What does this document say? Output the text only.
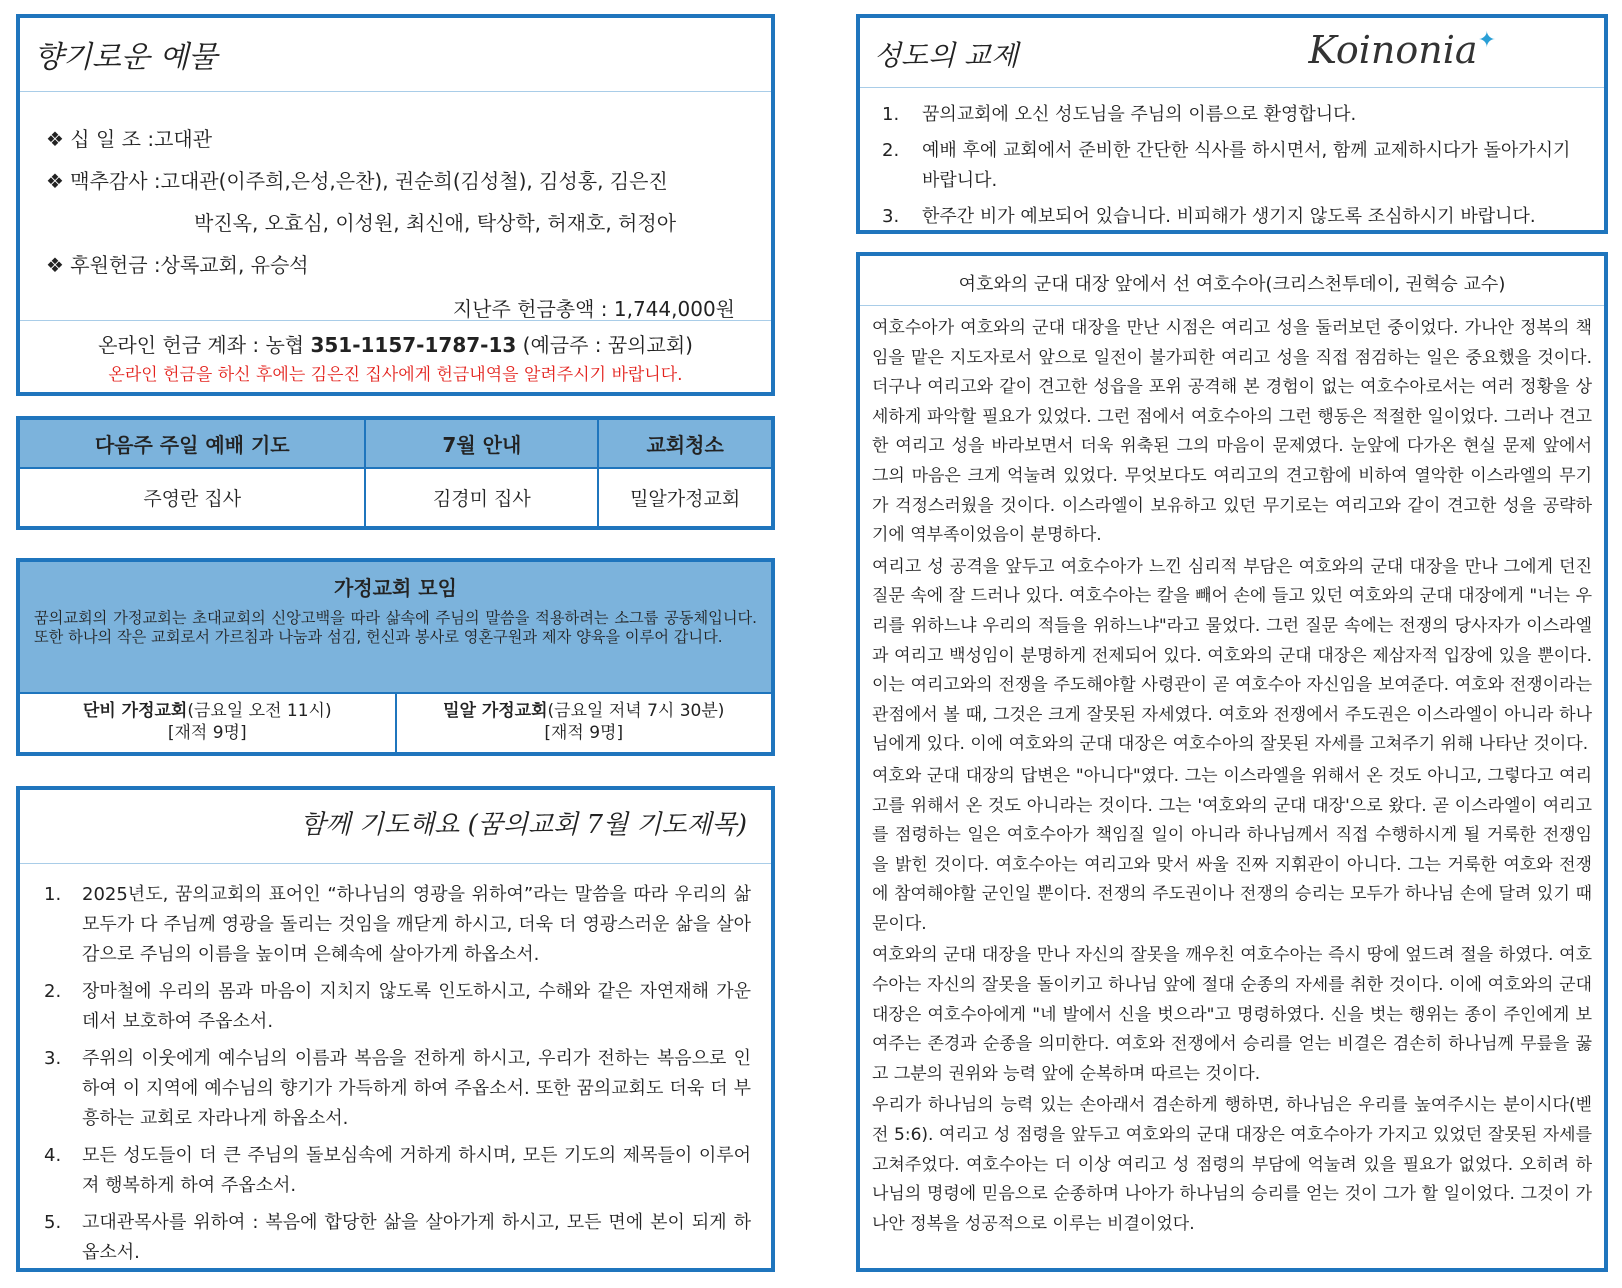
향기로운 예물
❖ 십 일 조 : 고대관
❖ 맥추감사 : 고대관(이주희,은성,은찬), 권순희(김성철), 김성홍, 김은진
박진옥, 오효심, 이성원, 최신애, 탁상학, 허재호, 허정아
❖ 후원헌금 : 상록교회, 유승석
지난주 헌금총액 : 1,744,000원
온라인 헌금 계좌 : 농협 351-1157-1787-13 (예금주 : 꿈의교회)
온라인 헌금을 하신 후에는 김은진 집사에게 헌금내역을 알려주시기 바랍니다.
다음주 주일 예배 기도	7월 안내	교회청소
주영란 집사	김경미 집사	밀알가정교회
가정교회 모임
꿈의교회의 가정교회는 초대교회의 신앙고백을 따라 삶속에 주님의 말씀을 적용하려는 소그룹 공동체입니다. 또한 하나의 작은 교회로서 가르침과 나눔과 섬김, 헌신과 봉사로 영혼구원과 제자 양육을 이루어 갑니다.
단비 가정교회(금요일 오전 11시)
[재적 9명]
밀알 가정교회(금요일 저녁 7시 30분)
[재적 9명]
함께 기도해요 (꿈의교회 7월 기도제목)
1.	2025년도, 꿈의교회의 표어인 “하나님의 영광을 위하여”라는 말씀을 따라 우리의 삶 모두가 다 주님께 영광을 돌리는 것임을 깨닫게 하시고, 더욱 더 영광스러운 삶을 살아감으로 주님의 이름을 높이며 은혜속에 살아가게 하옵소서.
2.	장마철에 우리의 몸과 마음이 지치지 않도록 인도하시고, 수해와 같은 자연재해 가운데서 보호하여 주옵소서.
3.	주위의 이웃에게 예수님의 이름과 복음을 전하게 하시고, 우리가 전하는 복음으로 인하여 이 지역에 예수님의 향기가 가득하게 하여 주옵소서. 또한 꿈의교회도 더욱 더 부흥하는 교회로 자라나게 하옵소서.
4.	모든 성도들이 더 큰 주님의 돌보심속에 거하게 하시며, 모든 기도의 제목들이 이루어져 행복하게 하여 주옵소서.
5.	고대관목사를 위하여 : 복음에 합당한 삶을 살아가게 하시고, 모든 면에 본이 되게 하옵소서.
성도의 교제	Koinonia✦
1.	꿈의교회에 오신 성도님을 주님의 이름으로 환영합니다.
2.	예배 후에 교회에서 준비한 간단한 식사를 하시면서, 함께 교제하시다가 돌아가시기 바랍니다.
3.	한주간 비가 예보되어 있습니다. 비피해가 생기지 않도록 조심하시기 바랍니다.
여호와의 군대 대장 앞에서 선 여호수아(크리스천투데이, 권혁승 교수)

여호수아가 여호와의 군대 대장을 만난 시점은 여리고 성을 둘러보던 중이었다. 가나안 정복의 책임을 맡은 지도자로서 앞으로 일전이 불가피한 여리고 성을 직접 점검하는 일은 중요했을 것이다. 더구나 여리고와 같이 견고한 성읍을 포위 공격해 본 경험이 없는 여호수아로서는 여러 정황을 상세하게 파악할 필요가 있었다. 그런 점에서 여호수아의 그런 행동은 적절한 일이었다. 그러나 견고한 여리고 성을 바라보면서 더욱 위축된 그의 마음이 문제였다. 눈앞에 다가온 현실 문제 앞에서 그의 마음은 크게 억눌려 있었다. 무엇보다도 여리고의 견고함에 비하여 열악한 이스라엘의 무기가 걱정스러웠을 것이다. 이스라엘이 보유하고 있던 무기로는 여리고와 같이 견고한 성을 공략하기에 역부족이었음이 분명하다.

여리고 성 공격을 앞두고 여호수아가 느낀 심리적 부담은 여호와의 군대 대장을 만나 그에게 던진 질문 속에 잘 드러나 있다. 여호수아는 칼을 빼어 손에 들고 있던 여호와의 군대 대장에게 "너는 우리를 위하느냐 우리의 적들을 위하느냐"라고 물었다. 그런 질문 속에는 전쟁의 당사자가 이스라엘과 여리고 백성임이 분명하게 전제되어 있다. 여호와의 군대 대장은 제삼자적 입장에 있을 뿐이다. 이는 여리고와의 전쟁을 주도해야할 사령관이 곧 여호수아 자신임을 보여준다. 여호와 전쟁이라는 관점에서 볼 때, 그것은 크게 잘못된 자세였다. 여호와 전쟁에서 주도권은 이스라엘이 아니라 하나님에게 있다. 이에 여호와의 군대 대장은 여호수아의 잘못된 자세를 고쳐주기 위해 나타난 것이다.

여호와 군대 대장의 답변은 "아니다"였다. 그는 이스라엘을 위해서 온 것도 아니고, 그렇다고 여리고를 위해서 온 것도 아니라는 것이다. 그는 '여호와의 군대 대장'으로 왔다. 곧 이스라엘이 여리고를 점령하는 일은 여호수아가 책임질 일이 아니라 하나님께서 직접 수행하시게 될 거룩한 전쟁임을 밝힌 것이다. 여호수아는 여리고와 맞서 싸울 진짜 지휘관이 아니다. 그는 거룩한 여호와 전쟁에 참여해야할 군인일 뿐이다. 전쟁의 주도권이나 전쟁의 승리는 모두가 하나님 손에 달려 있기 때문이다.

여호와의 군대 대장을 만나 자신의 잘못을 깨우친 여호수아는 즉시 땅에 엎드려 절을 하였다. 여호수아는 자신의 잘못을 돌이키고 하나님 앞에 절대 순종의 자세를 취한 것이다. 이에 여호와의 군대 대장은 여호수아에게 "네 발에서 신을 벗으라"고 명령하였다. 신을 벗는 행위는 종이 주인에게 보여주는 존경과 순종을 의미한다. 여호와 전쟁에서 승리를 얻는 비결은 겸손히 하나님께 무릎을 꿇고 그분의 권위와 능력 앞에 순복하며 따르는 것이다.

우리가 하나님의 능력 있는 손아래서 겸손하게 행하면, 하나님은 우리를 높여주시는 분이시다(벧전 5:6). 여리고 성 점령을 앞두고 여호와의 군대 대장은 여호수아가 가지고 있었던 잘못된 자세를 고쳐주었다. 여호수아는 더 이상 여리고 성 점령의 부담에 억눌려 있을 필요가 없었다. 오히려 하나님의 명령에 믿음으로 순종하며 나아가 하나님의 승리를 얻는 것이 그가 할 일이었다. 그것이 가나안 정복을 성공적으로 이루는 비결이었다.
